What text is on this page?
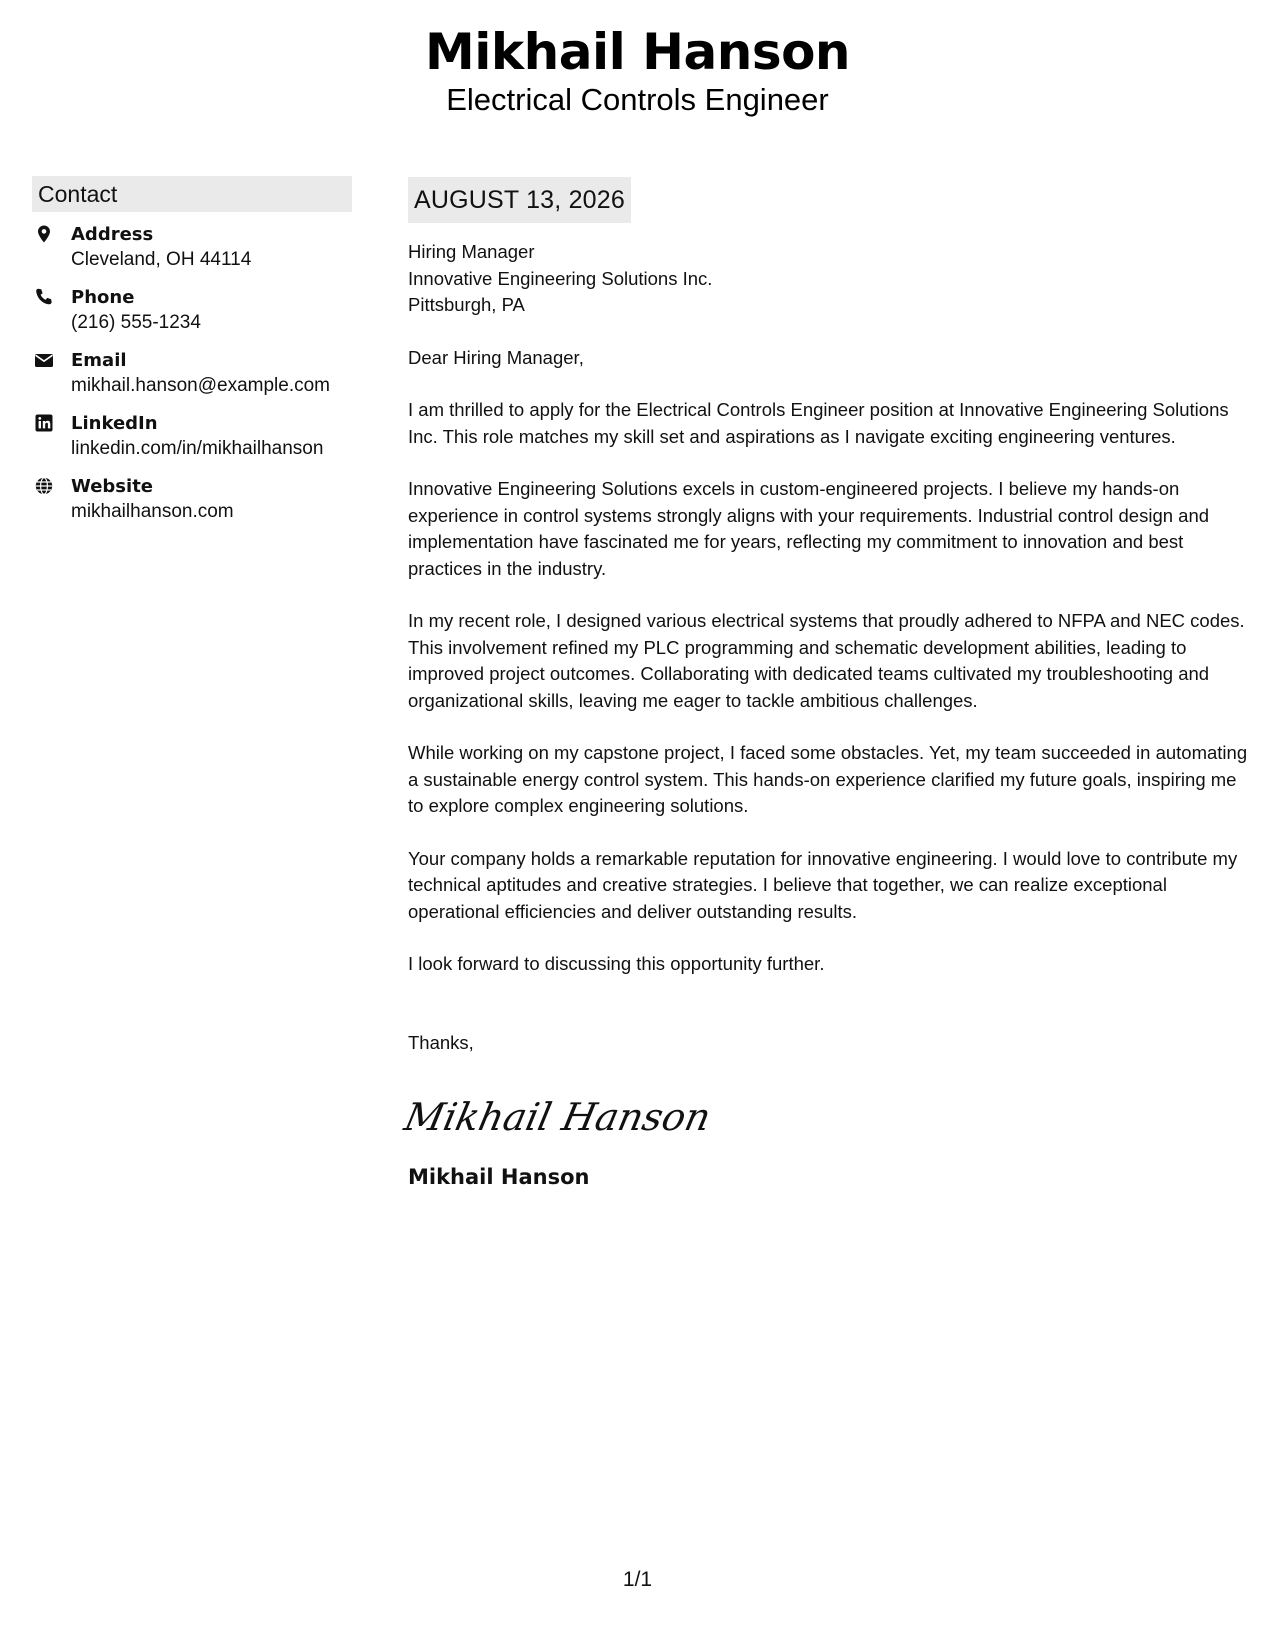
Mikhail Hanson
Electrical Controls Engineer
Contact
Address
Cleveland, OH 44114
Phone
(216) 555-1234
Email
mikhail.hanson@example.com
LinkedIn
linkedin.com/in/mikhailhanson
Website
mikhailhanson.com
AUGUST 13, 2026
Hiring Manager
Innovative Engineering Solutions Inc.
Pittsburgh, PA
Dear Hiring Manager,
I am thrilled to apply for the Electrical Controls Engineer position at Innovative Engineering Solutions Inc. This role matches my skill set and aspirations as I navigate exciting engineering ventures.
Innovative Engineering Solutions excels in custom-engineered projects. I believe my hands-on experience in control systems strongly aligns with your requirements. Industrial control design and implementation have fascinated me for years, reflecting my commitment to innovation and best practices in the industry.
In my recent role, I designed various electrical systems that proudly adhered to NFPA and NEC codes. This involvement refined my PLC programming and schematic development abilities, leading to improved project outcomes. Collaborating with dedicated teams cultivated my troubleshooting and organizational skills, leaving me eager to tackle ambitious challenges.
While working on my capstone project, I faced some obstacles. Yet, my team succeeded in automating a sustainable energy control system. This hands-on experience clarified my future goals, inspiring me to explore complex engineering solutions.
Your company holds a remarkable reputation for innovative engineering. I would love to contribute my technical aptitudes and creative strategies. I believe that together, we can realize exceptional operational efficiencies and deliver outstanding results.
I look forward to discussing this opportunity further.
Thanks,
Mikhail Hanson
Mikhail Hanson
1/1
